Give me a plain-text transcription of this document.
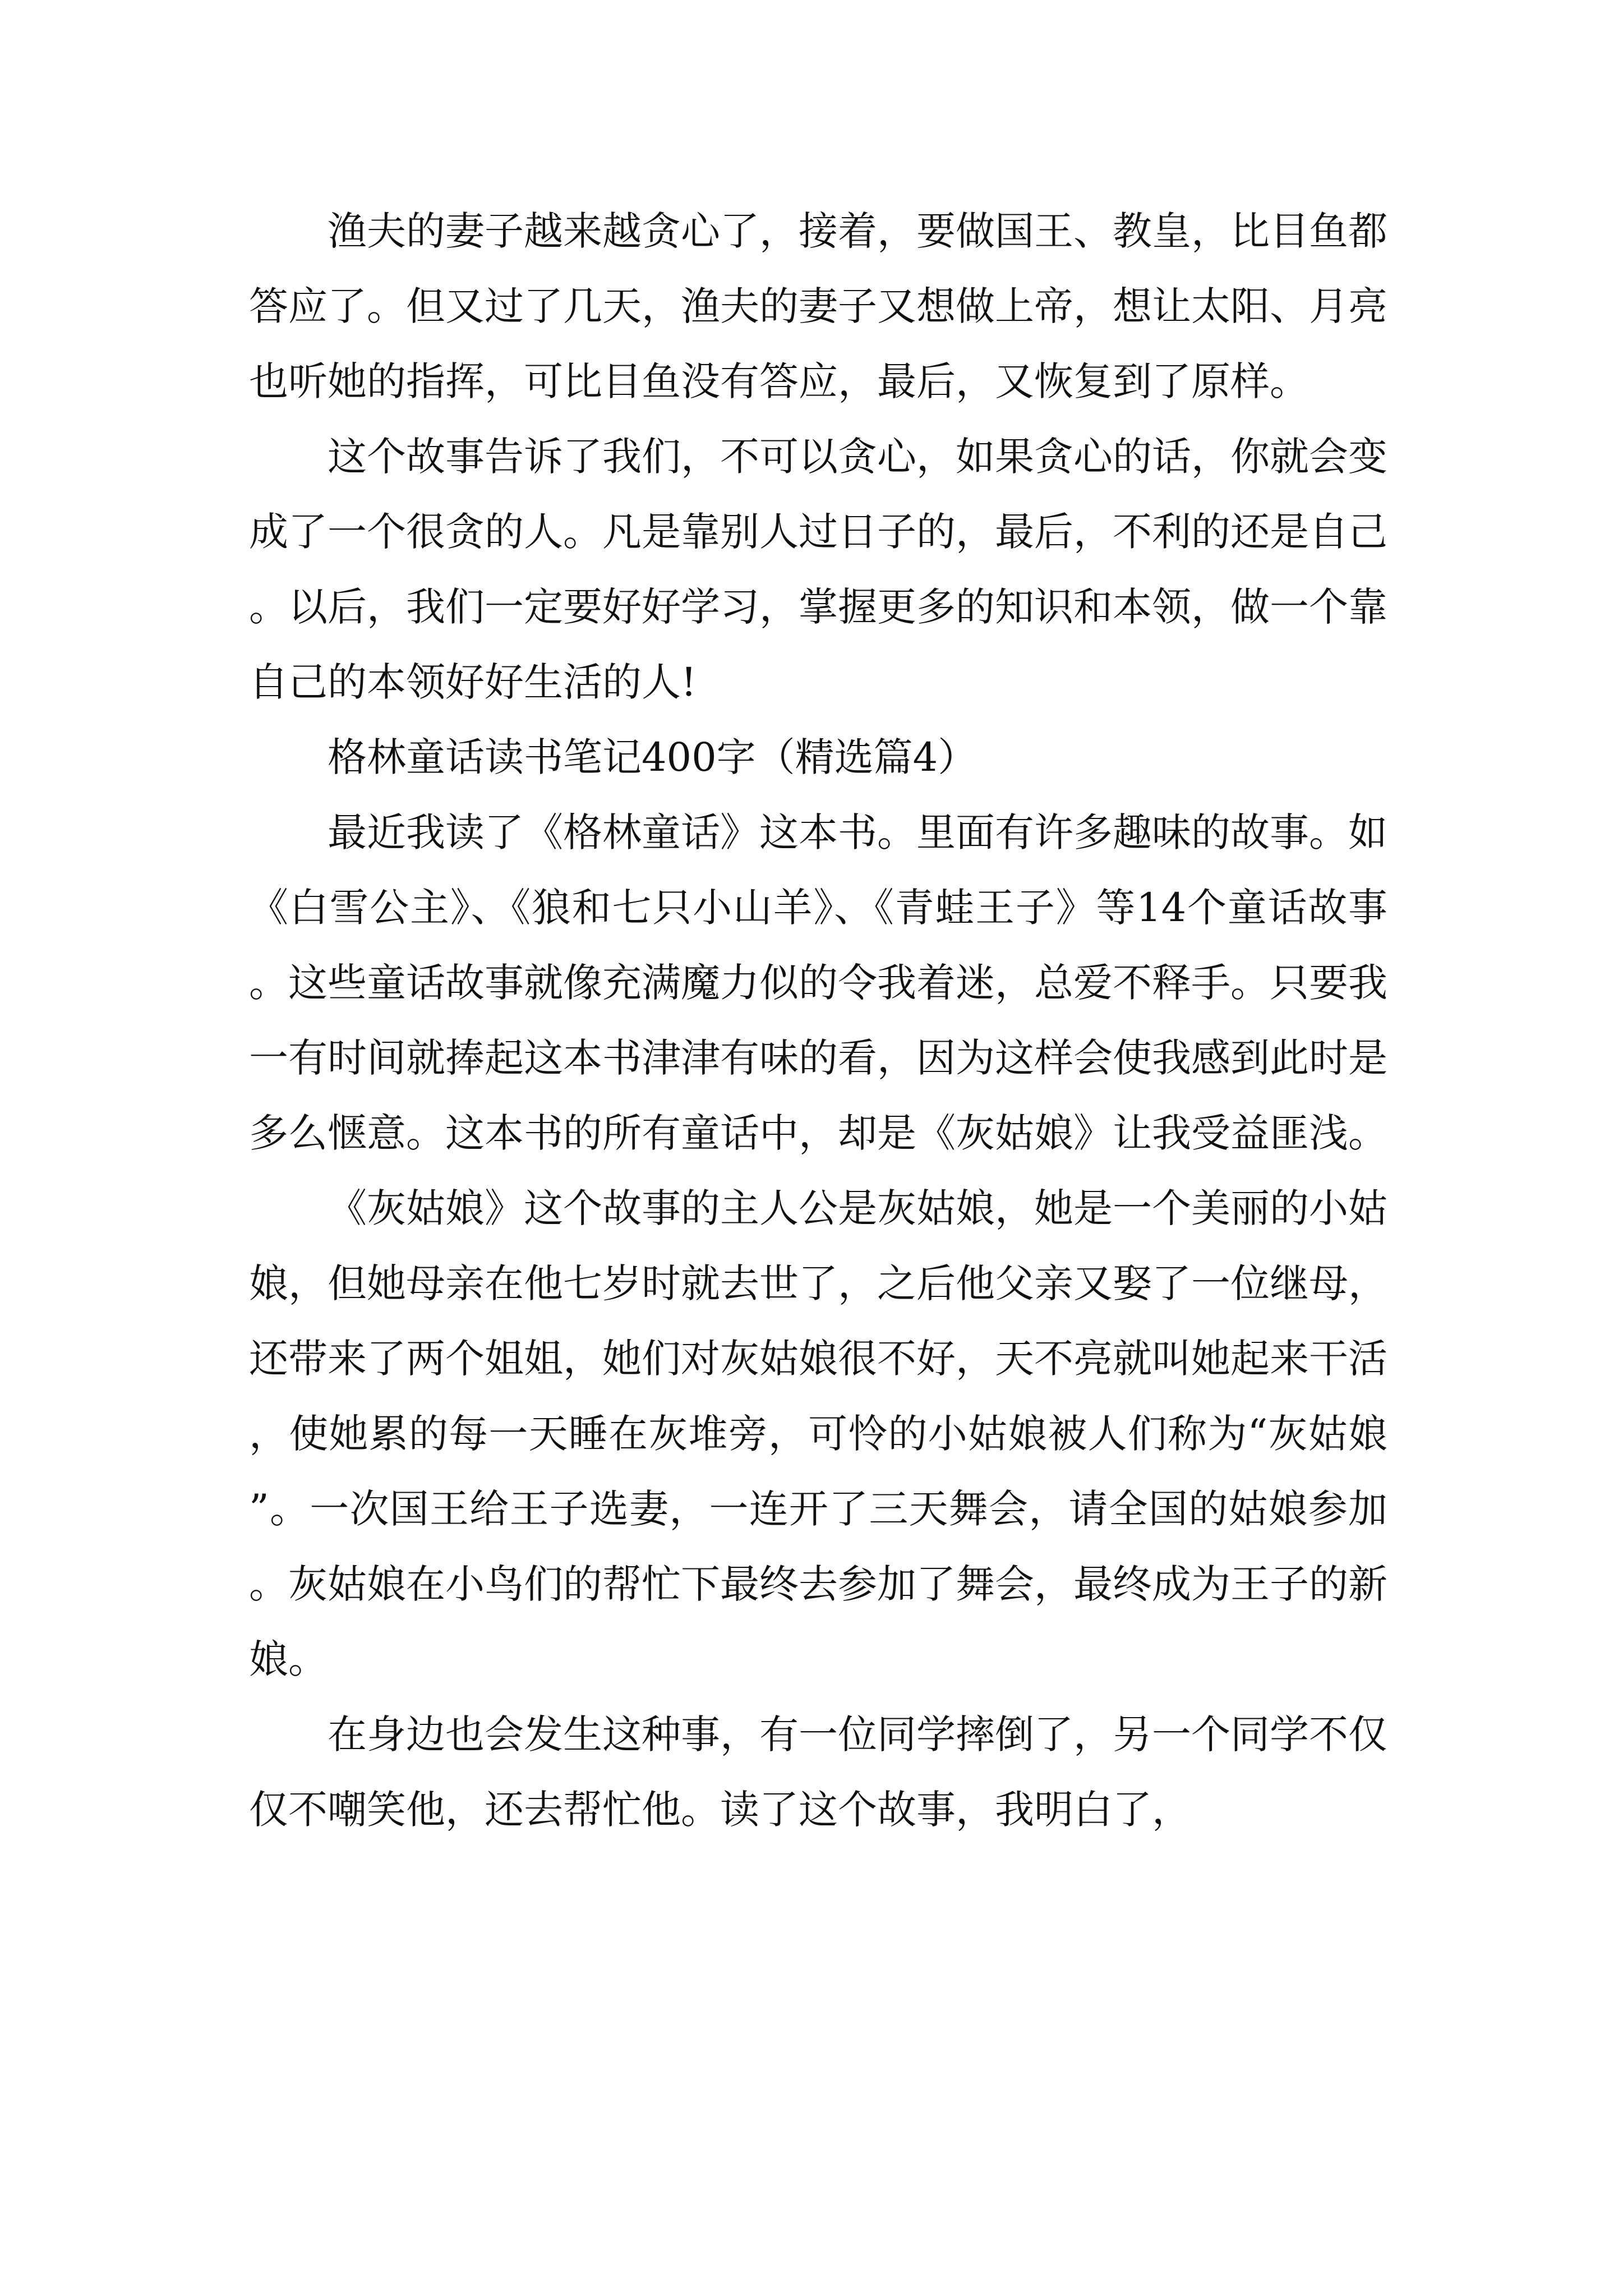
渔夫的妻子越来越贪心了，接着，要做国王、教皇，比目鱼都答应了。但又过了几天，渔夫的妻子又想做上帝，想让太阳、月亮也听她的指挥，可比目鱼没有答应，最后，又恢复到了原样。

这个故事告诉了我们，不可以贪心，如果贪心的话，你就会变成了一个很贪的人。凡是靠别人过日子的，最后，不利的还是自己。以后，我们一定要好好学习，掌握更多的知识和本领，做一个靠自己的本领好好生活的人!

格林童话读书笔记400字（精选篇4）

最近我读了《格林童话》这本书。里面有许多趣味的故事。如《白雪公主》、《狼和七只小山羊》、《青蛙王子》等14个童话故事。这些童话故事就像充满魔力似的令我着迷，总爱不释手。只要我一有时间就捧起这本书津津有味的看，因为这样会使我感到此时是多么惬意。这本书的所有童话中，却是《灰姑娘》让我受益匪浅。

《灰姑娘》这个故事的主人公是灰姑娘，她是一个美丽的小姑娘，但她母亲在他七岁时就去世了，之后他父亲又娶了一位继母，还带来了两个姐姐，她们对灰姑娘很不好，天不亮就叫她起来干活，使她累的每一天睡在灰堆旁，可怜的小姑娘被人们称为“灰姑娘”。一次国王给王子选妻，一连开了三天舞会，请全国的姑娘参加。灰姑娘在小鸟们的帮忙下最终去参加了舞会，最终成为王子的新娘。

在身边也会发生这种事，有一位同学摔倒了，另一个同学不仅仅不嘲笑他，还去帮忙他。读了这个故事，我明白了，
